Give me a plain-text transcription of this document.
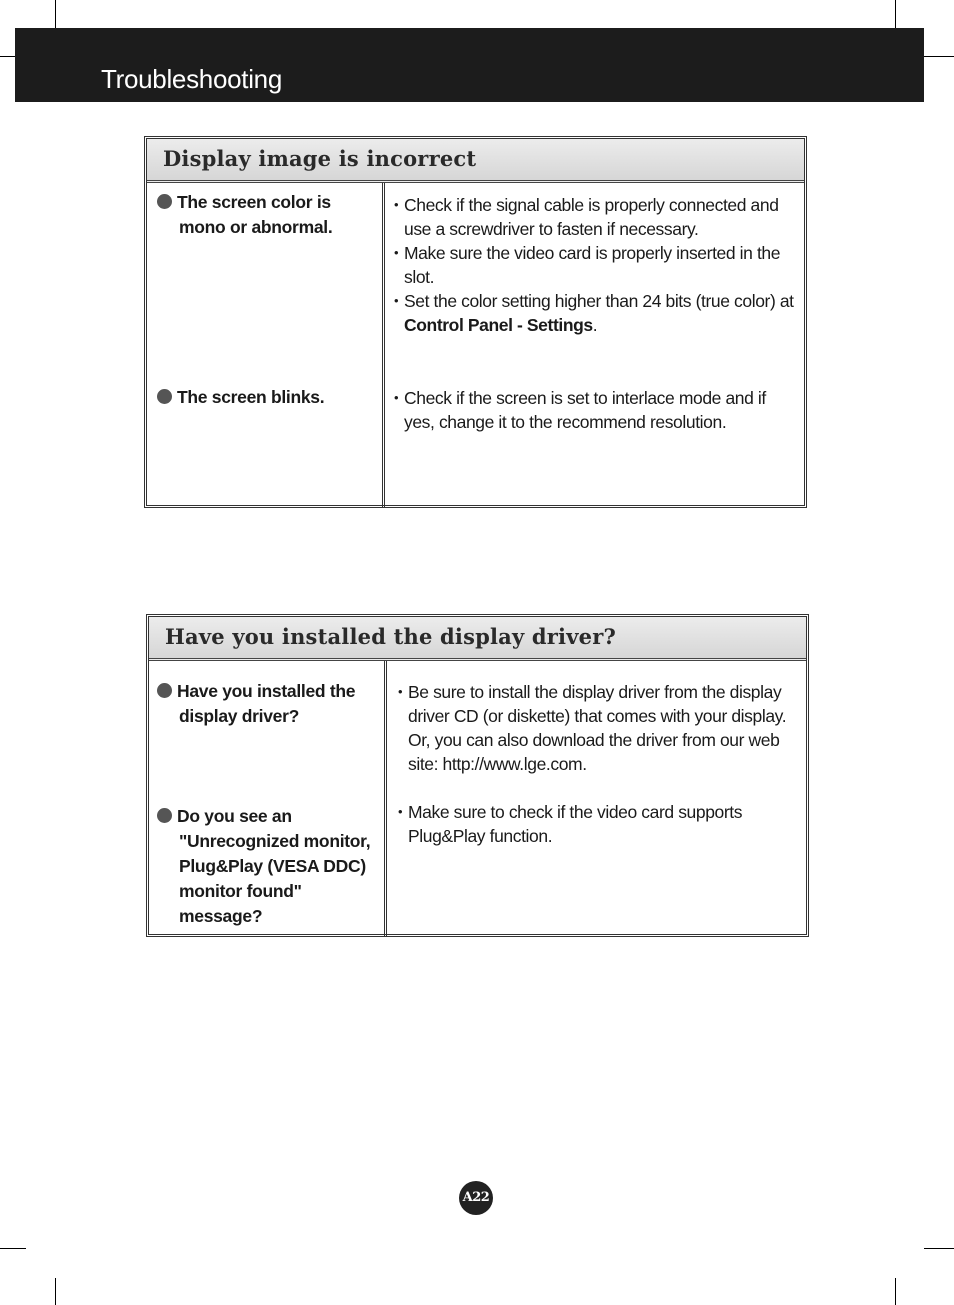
Troubleshooting
Display image is incorrect
The screen color is
mono or abnormal.
• Check if the signal cable is properly connected and use a screwdriver to fasten if necessary.
• Make sure the video card is properly inserted in the slot.
• Set the color setting higher than 24 bits (true color) at Control Panel - Settings.
The screen blinks.
•	Check if the screen is set to interlace mode and if yes, change it to the recommend resolution.
Have you installed the display driver?
Have you installed the
display driver?
• Be sure to install the display driver from the display driver CD (or diskette) that comes with your display. Or, you can also download the driver from our web site: http://www.lge.com.
Do you see an
"Unrecognized monitor, Plug&Play (VESA DDC) monitor found" message?
• Make sure to check if the video card supports Plug&Play function.
A22
